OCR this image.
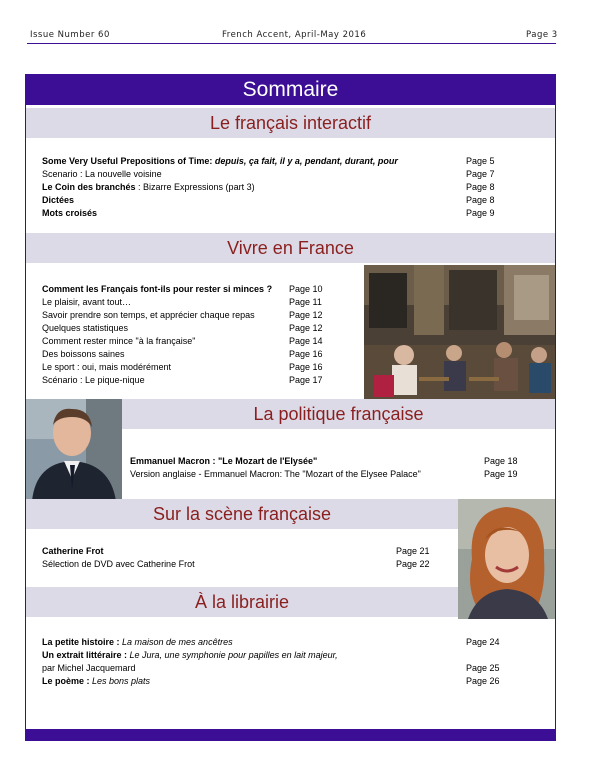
Issue Number 60	French Accent, April-May 2016	Page 3
Sommaire
Le français interactif
Some Very Useful Prepositions of Time: depuis, ça fait, il y a, pendant, durant, pour	Page 5
Scenario : La nouvelle voisine	Page 7
Le Coin des branchés : Bizarre Expressions (part 3)	Page 8
Dictées	Page 8
Mots croisés	Page 9
Vivre en France
Comment les Français font-ils pour rester si minces ? Page 10
Le plaisir, avant tout…	Page 11
Savoir prendre son temps, et apprécier chaque repas	Page 12
Quelques statistiques	Page 12
Comment rester mince "à la française"	Page 14
Des boissons saines	Page 16
Le sport : oui, mais modérément	Page 16
Scénario : Le pique-nique	Page 17
La politique française
Emmanuel Macron : "Le Mozart de l'Elysée"	Page 18
Version anglaise - Emmanuel Macron: The "Mozart of the Elysee Palace"	Page 19
Sur la scène française
Catherine Frot	Page 21
Sélection de DVD avec Catherine Frot	Page 22
À la librairie
La petite histoire : La maison de mes ancêtres	Page 24
Un extrait littéraire : Le Jura, une symphonie pour papilles en lait majeur,
par Michel Jacquemard	Page 25
Le poème : Les bons plats	Page 26
